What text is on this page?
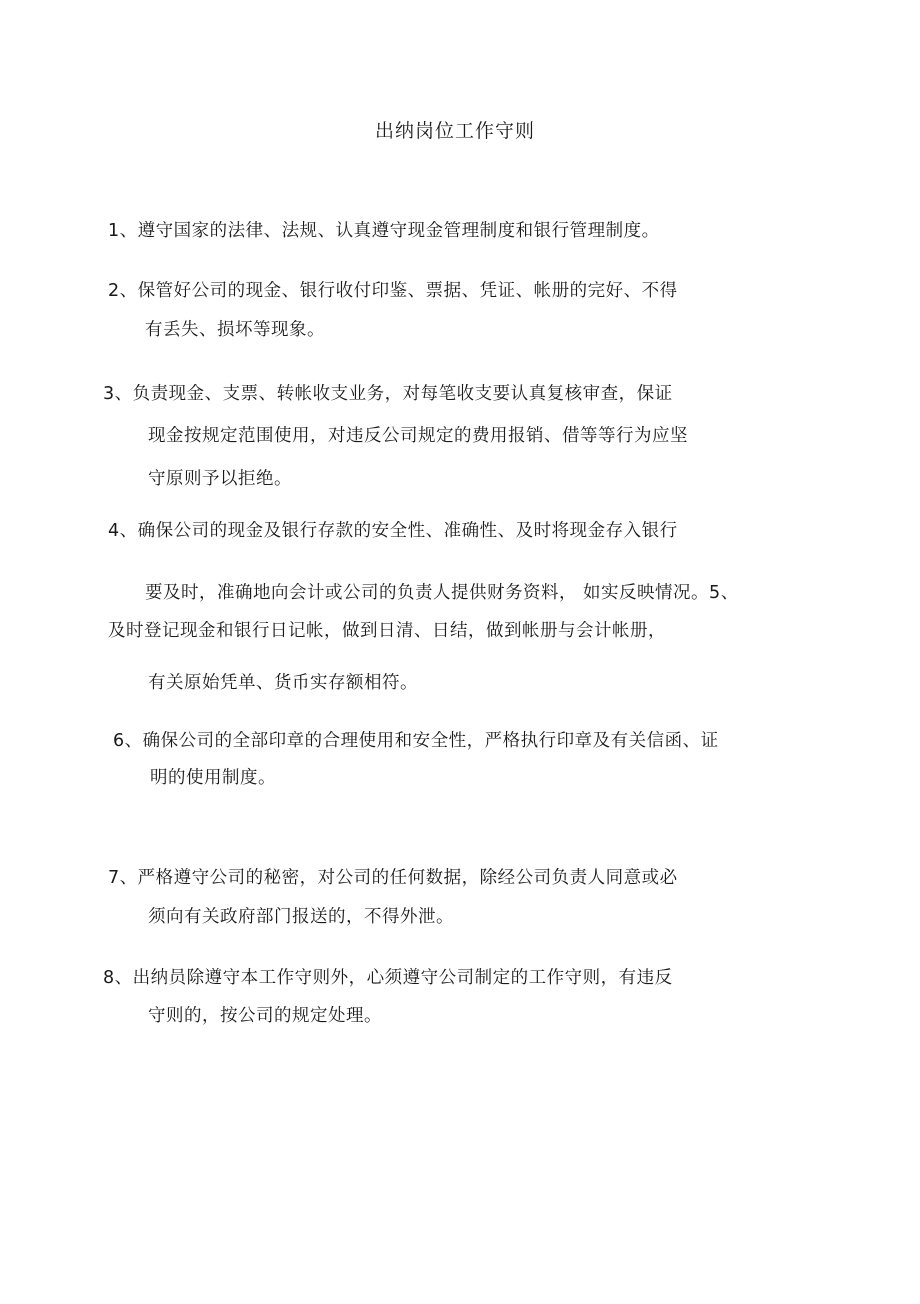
出纳岗位工作守则
1、遵守国家的法律、法规、认真遵守现金管理制度和银行管理制度。
2、保管好公司的现金、银行收付印鉴、票据、凭证、帐册的完好、不得
有丢失、损坏等现象。
3、负责现金、支票、转帐收支业务，对每笔收支要认真复核审查，保证
现金按规定范围使用，对违反公司规定的费用报销、借等等行为应坚
守原则予以拒绝。
4、确保公司的现金及银行存款的安全性、准确性、及时将现金存入银行
要及时，准确地向会计或公司的负责人提供财务资料， 如实反映情况。5、
及时登记现金和银行日记帐，做到日清、日结，做到帐册与会计帐册，
有关原始凭单、货币实存额相符。
6、确保公司的全部印章的合理使用和安全性，严格执行印章及有关信函、证
明的使用制度。
7、严格遵守公司的秘密，对公司的任何数据，除经公司负责人同意或必
须向有关政府部门报送的，不得外泄。
8、出纳员除遵守本工作守则外，心须遵守公司制定的工作守则，有违反
守则的，按公司的规定处理。
